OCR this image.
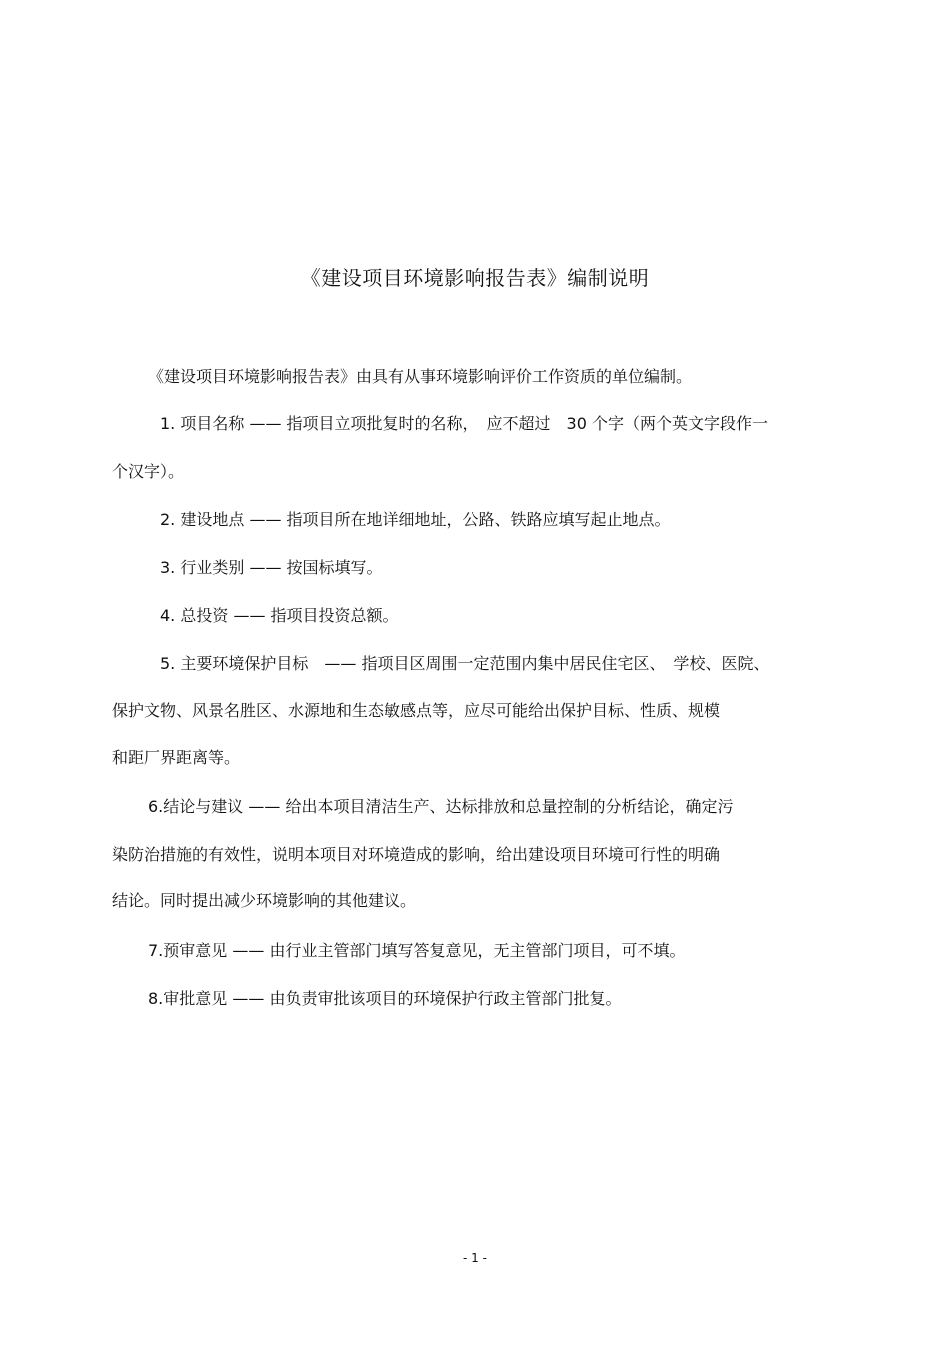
《建设项目环境影响报告表》编制说明
《建设项目环境影响报告表》由具有从事环境影响评价工作资质的单位编制。
1. 项目名称 —— 指项目立项批复时的名称，　应不超过　30 个字（两个英文字段作一
个汉字）。
2. 建设地点 —— 指项目所在地详细地址，公路、铁路应填写起止地点。
3. 行业类别 —— 按国标填写。
4. 总投资 —— 指项目投资总额。
5. 主要环境保护目标　—— 指项目区周围一定范围内集中居民住宅区、　学校、医院、
保护文物、风景名胜区、水源地和生态敏感点等，应尽可能给出保护目标、性质、规模
和距厂界距离等。
6.结论与建议 —— 给出本项目清洁生产、达标排放和总量控制的分析结论，确定污
染防治措施的有效性，说明本项目对环境造成的影响，给出建设项目环境可行性的明确
结论。同时提出减少环境影响的其他建议。
7.预审意见 —— 由行业主管部门填写答复意见，无主管部门项目，可不填。
8.审批意见 —— 由负责审批该项目的环境保护行政主管部门批复。
- 1 -
